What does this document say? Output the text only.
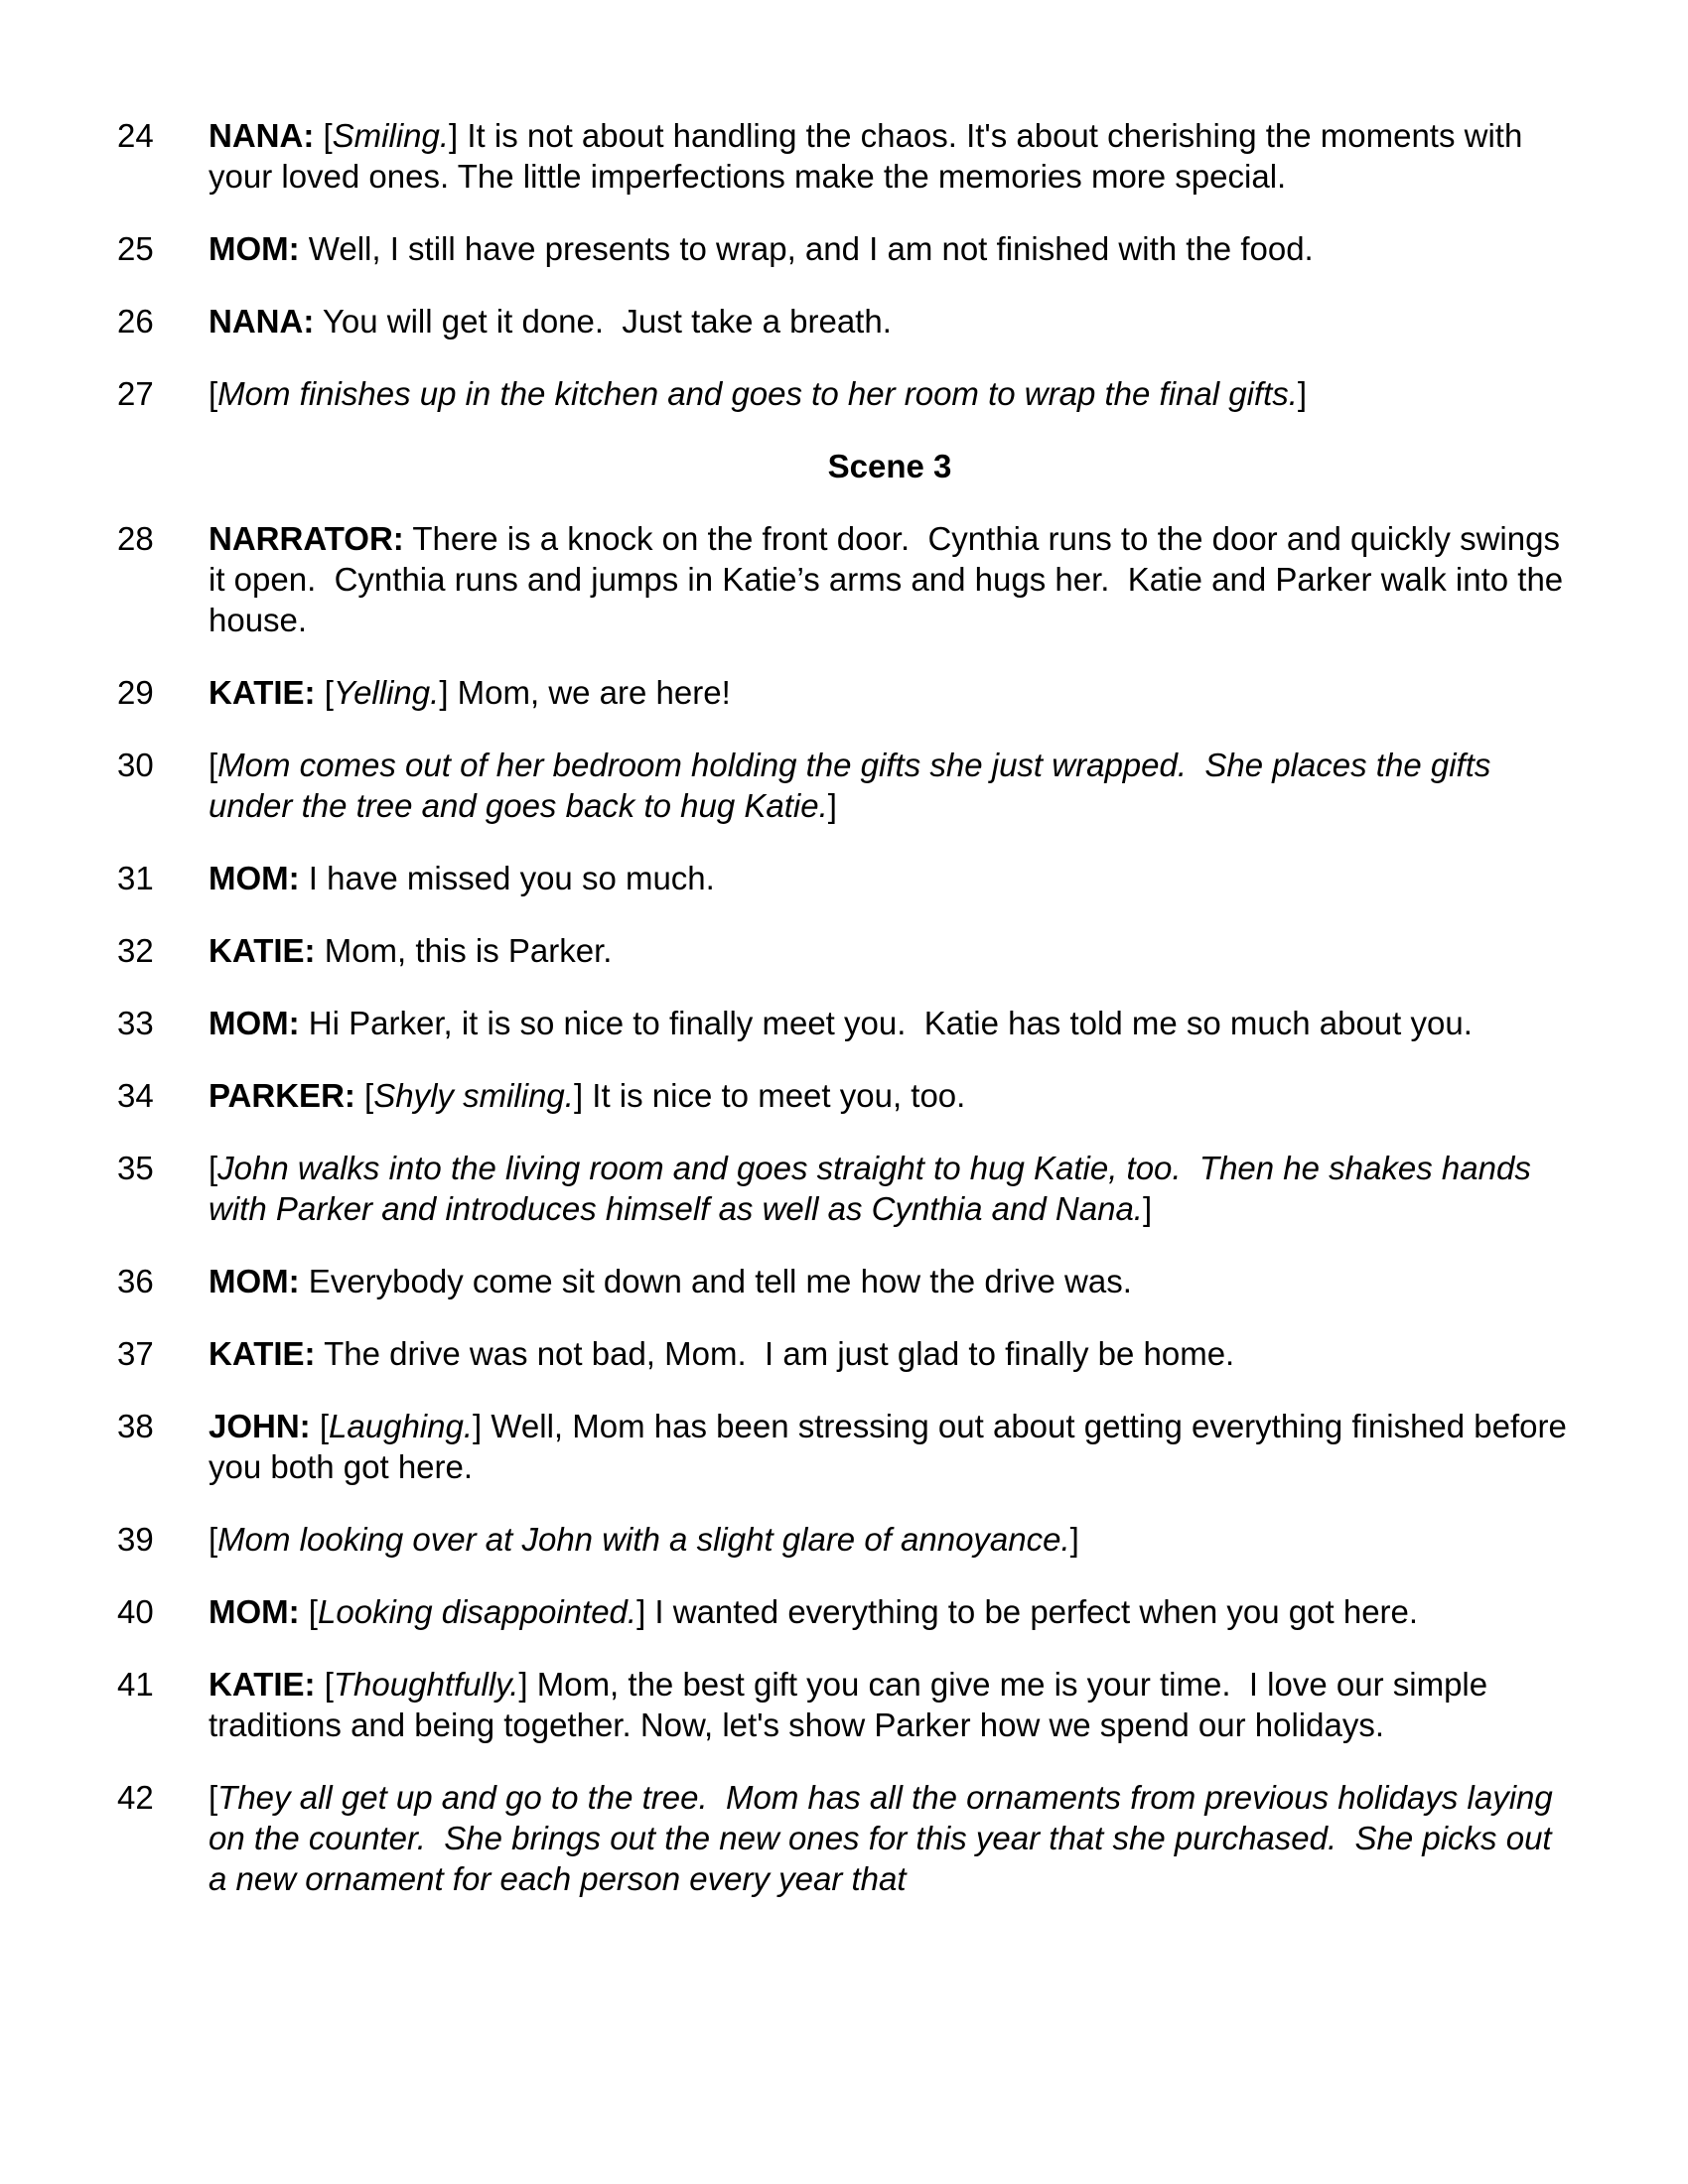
24	NANA: [Smiling.] It is not about handling the chaos. It's about cherishing the moments with your loved ones. The little imperfections make the memories more special.
25	MOM: Well, I still have presents to wrap, and I am not finished with the food.
26	NANA: You will get it done.  Just take a breath.
27	[Mom finishes up in the kitchen and goes to her room to wrap the final gifts.]
Scene 3
28	NARRATOR: There is a knock on the front door.  Cynthia runs to the door and quickly swings it open.  Cynthia runs and jumps in Katie’s arms and hugs her.  Katie and Parker walk into the house.
29	KATIE: [Yelling.] Mom, we are here!
30	[Mom comes out of her bedroom holding the gifts she just wrapped.  She places the gifts under the tree and goes back to hug Katie.]
31	MOM: I have missed you so much.
32	KATIE: Mom, this is Parker.
33	MOM: Hi Parker, it is so nice to finally meet you.  Katie has told me so much about you.
34	PARKER: [Shyly smiling.] It is nice to meet you, too.
35	[John walks into the living room and goes straight to hug Katie, too.  Then he shakes hands with Parker and introduces himself as well as Cynthia and Nana.]
36	MOM: Everybody come sit down and tell me how the drive was.
37	KATIE: The drive was not bad, Mom.  I am just glad to finally be home.
38	JOHN: [Laughing.] Well, Mom has been stressing out about getting everything finished before you both got here.
39	[Mom looking over at John with a slight glare of annoyance.]
40	MOM: [Looking disappointed.] I wanted everything to be perfect when you got here.
41	KATIE: [Thoughtfully.] Mom, the best gift you can give me is your time.  I love our simple traditions and being together. Now, let's show Parker how we spend our holidays.
42	[They all get up and go to the tree.  Mom has all the ornaments from previous holidays laying on the counter.  She brings out the new ones for this year that she purchased.  She picks out a new ornament for each person every year that
